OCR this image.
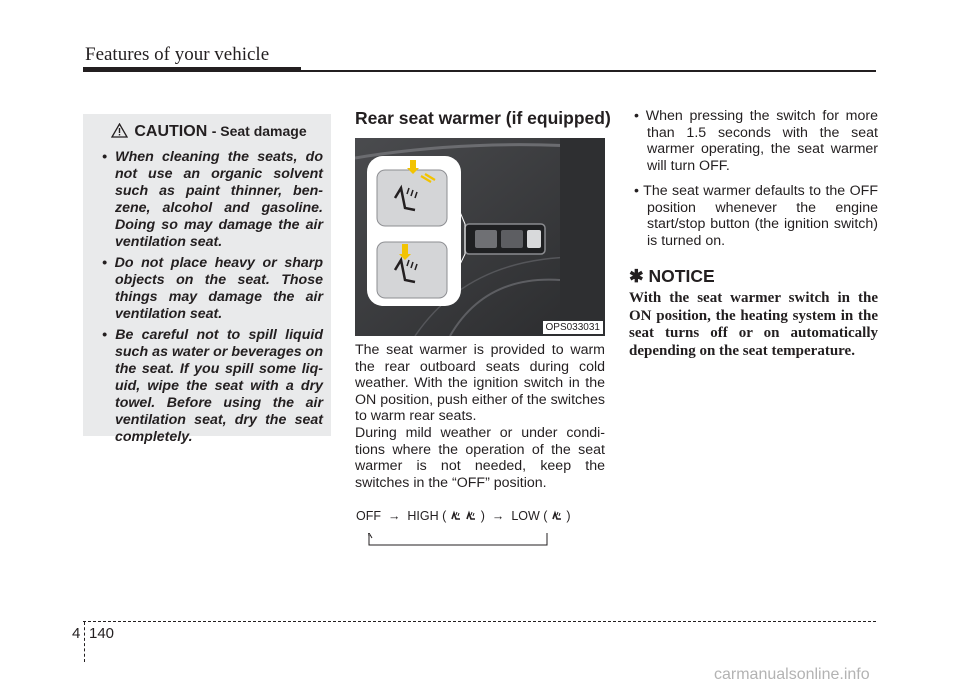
Features of your vehicle
CAUTION - Seat damage
• When cleaning the seats, do not use an organic solvent such as paint thinner, ben-zene, alcohol and gasoline. Doing so may damage the air ventilation seat.
• Do not place heavy or sharp objects on the seat. Those things may damage the air ventilation seat.
• Be careful not to spill liquid such as water or beverages on the seat. If you spill some liq-uid, wipe the seat with a dry towel. Before using the air ventilation seat, dry the seat completely.
Rear seat warmer (if equipped)
OPS033031

The seat warmer is provided to warm the rear outboard seats during cold weather. With the ignition switch in the ON position, push either of the switches to warm rear seats.

During mild weather or under condi-tions where the operation of the seat warmer is not needed, keep the switches in the “OFF” position.

OFF → HIGH (	) → LOW ( )
• When pressing the switch for more than 1.5 seconds with the seat warmer operating, the seat warmer will turn OFF.
• The seat warmer defaults to the OFF position whenever the engine start/stop button (the ignition switch) is turned on.
✱ NOTICE

With the seat warmer switch in the ON position, the heating system in the seat turns off or on automatically depending on the seat temperature.

4 140
carmanualsonline.info
